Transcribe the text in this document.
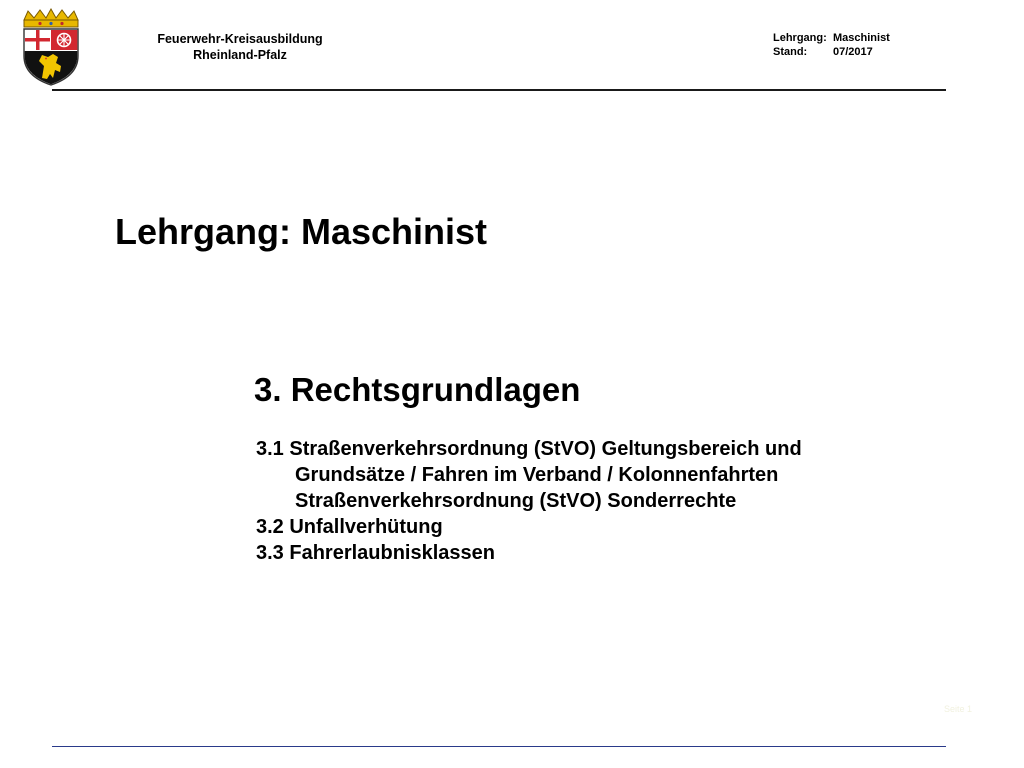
Feuerwehr-Kreisausbildung
Rheinland-Pfalz
Lehrgang: Maschinist
Stand: 07/2017
Lehrgang: Maschinist
3. Rechtsgrundlagen
3.1 Straßenverkehrsordnung (StVO) Geltungsbereich und
Grundsätze / Fahren im Verband / Kolonnenfahrten
Straßenverkehrsordnung (StVO) Sonderrechte
3.2 Unfallverhütung
3.3 Fahrerlaubnisklassen
Seite 1
